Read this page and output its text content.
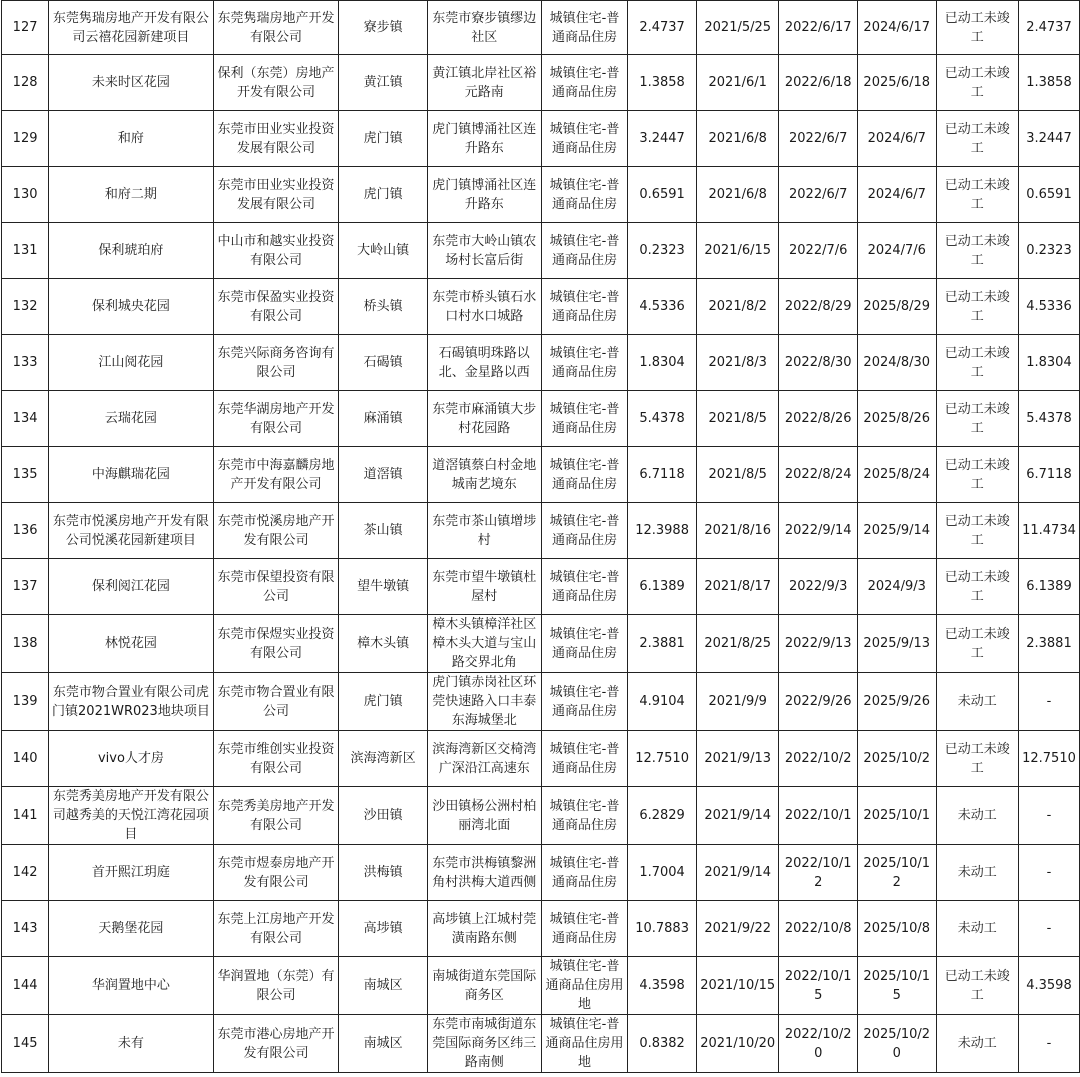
127	东莞隽瑞房地产开发有限公司云禧花园新建项目	东莞隽瑞房地产开发有限公司	寮步镇	东莞市寮步镇缪边社区	城镇住宅-普通商品住房	2.4737	2021/5/25	2022/6/17	2024/6/17	已动工未竣工	2.4737
128	未来时区花园	保利（东莞）房地产开发有限公司	黄江镇	黄江镇北岸社区裕元路南	城镇住宅-普通商品住房	1.3858	2021/6/1	2022/6/18	2025/6/18	已动工未竣工	1.3858
129	和府	东莞市田业实业投资发展有限公司	虎门镇	虎门镇博涌社区连升路东	城镇住宅-普通商品住房	3.2447	2021/6/8	2022/6/7	2024/6/7	已动工未竣工	3.2447
130	和府二期	东莞市田业实业投资发展有限公司	虎门镇	虎门镇博涌社区连升路东	城镇住宅-普通商品住房	0.6591	2021/6/8	2022/6/7	2024/6/7	已动工未竣工	0.6591
131	保利琥珀府	中山市和越实业投资有限公司	大岭山镇	东莞市大岭山镇农场村长富后街	城镇住宅-普通商品住房	0.2323	2021/6/15	2022/7/6	2024/7/6	已动工未竣工	0.2323
132	保利城央花园	东莞市保盈实业投资有限公司	桥头镇	东莞市桥头镇石水口村水口城路	城镇住宅-普通商品住房	4.5336	2021/8/2	2022/8/29	2025/8/29	已动工未竣工	4.5336
133	江山阅花园	东莞兴际商务咨询有限公司	石碣镇	石碣镇明珠路以北、金星路以西	城镇住宅-普通商品住房	1.8304	2021/8/3	2022/8/30	2024/8/30	已动工未竣工	1.8304
134	云瑞花园	东莞华湖房地产开发有限公司	麻涌镇	东莞市麻涌镇大步村花园路	城镇住宅-普通商品住房	5.4378	2021/8/5	2022/8/26	2025/8/26	已动工未竣工	5.4378
135	中海麒瑞花园	东莞市中海嘉麟房地产开发有限公司	道滘镇	道滘镇蔡白村金地城南艺境东	城镇住宅-普通商品住房	6.7118	2021/8/5	2022/8/24	2025/8/24	已动工未竣工	6.7118
136	东莞市悦溪房地产开发有限公司悦溪花园新建项目	东莞市悦溪房地产开发有限公司	茶山镇	东莞市茶山镇增埗村	城镇住宅-普通商品住房	12.3988	2021/8/16	2022/9/14	2025/9/14	已动工未竣工	11.4734
137	保利阅江花园	东莞市保望投资有限公司	望牛墩镇	东莞市望牛墩镇杜屋村	城镇住宅-普通商品住房	6.1389	2021/8/17	2022/9/3	2024/9/3	已动工未竣工	6.1389
138	林悦花园	东莞市保煜实业投资有限公司	樟木头镇	樟木头镇樟洋社区樟木头大道与宝山路交界北角	城镇住宅-普通商品住房	2.3881	2021/8/25	2022/9/13	2025/9/13	已动工未竣工	2.3881
139	东莞市物合置业有限公司虎门镇2021WR023地块项目	东莞市物合置业有限公司	虎门镇	虎门镇赤岗社区环莞快速路入口丰泰东海城堡北	城镇住宅-普通商品住房	4.9104	2021/9/9	2022/9/26	2025/9/26	未动工	-
140	vivo人才房	东莞市维创实业投资有限公司	滨海湾新区	滨海湾新区交椅湾广深沿江高速东	城镇住宅-普通商品住房	12.7510	2021/9/13	2022/10/2	2025/10/2	已动工未竣工	12.7510
141	东莞秀美房地产开发有限公司越秀美的天悦江湾花园项目	东莞秀美房地产开发有限公司	沙田镇	沙田镇杨公洲村柏丽湾北面	城镇住宅-普通商品住房	6.2829	2021/9/14	2022/10/1	2025/10/1	未动工	-
142	首开熙江玥庭	东莞市煜泰房地产开发有限公司	洪梅镇	东莞市洪梅镇黎洲角村洪梅大道西侧	城镇住宅-普通商品住房	1.7004	2021/9/14	2022/10/12	2025/10/12	未动工	-
143	天鹅堡花园	东莞上江房地产开发有限公司	高埗镇	高埗镇上江城村莞潢南路东侧	城镇住宅-普通商品住房	10.7883	2021/9/22	2022/10/8	2025/10/8	未动工	-
144	华润置地中心	华润置地（东莞）有限公司	南城区	南城街道东莞国际商务区	城镇住宅-普通商品住房用地	4.3598	2021/10/15	2022/10/15	2025/10/15	已动工未竣工	4.3598
145	未有	东莞市港心房地产开发有限公司	南城区	东莞市南城街道东莞国际商务区纬三路南侧	城镇住宅-普通商品住房用地	0.8382	2021/10/20	2022/10/20	2025/10/20	未动工	-
